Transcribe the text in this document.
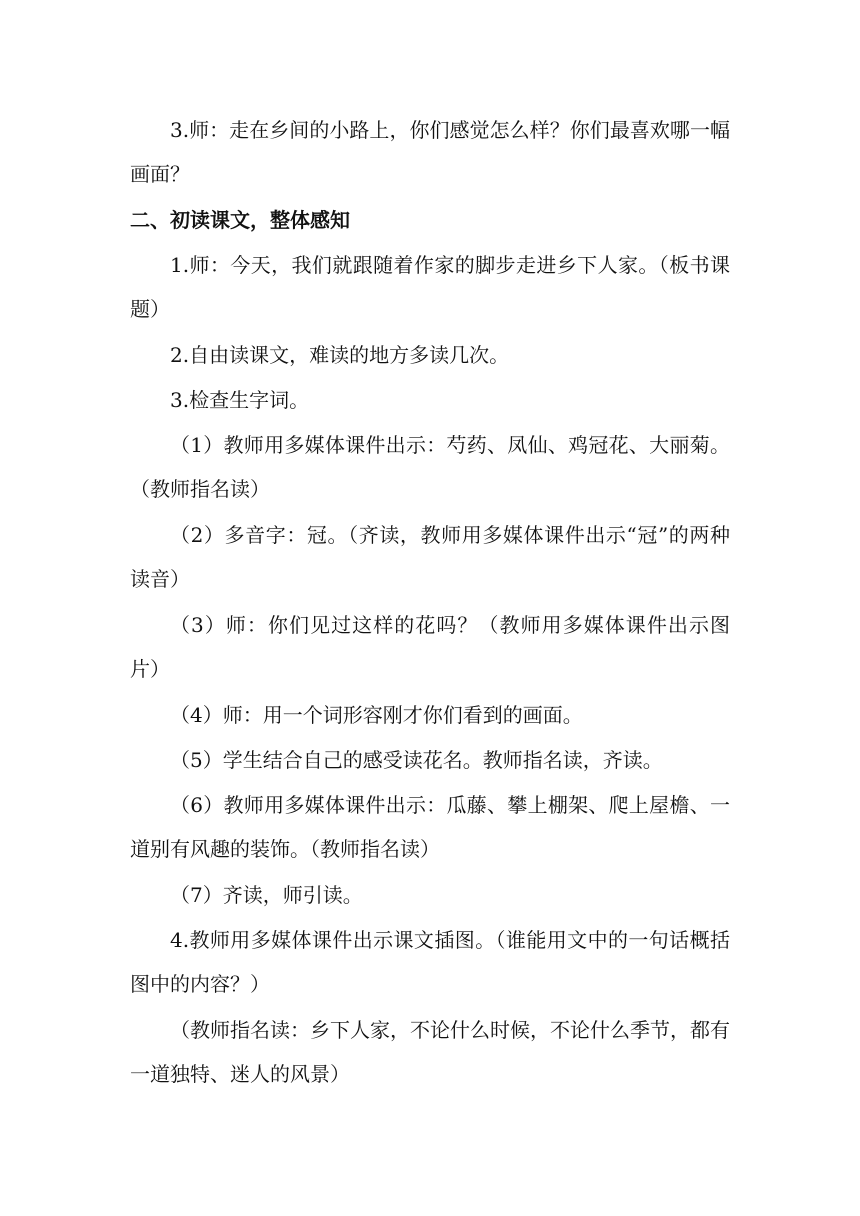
3.师：走在乡间的小路上，你们感觉怎么样？你们最喜欢哪一幅画面？

二、初读课文，整体感知

1.师：今天，我们就跟随着作家的脚步走进乡下人家。（板书课题）

2.自由读课文，难读的地方多读几次。

3.检查生字词。

（1）教师用多媒体课件出示：芍药、凤仙、鸡冠花、大丽菊。（教师指名读）

（2）多音字：冠。（齐读，教师用多媒体课件出示“冠”的两种读音）

（3）师：你们见过这样的花吗？（教师用多媒体课件出示图片）

（4）师：用一个词形容刚才你们看到的画面。

（5）学生结合自己的感受读花名。教师指名读，齐读。

（6）教师用多媒体课件出示：瓜藤、攀上棚架、爬上屋檐、一道别有风趣的装饰。（教师指名读）

（7）齐读，师引读。

4.教师用多媒体课件出示课文插图。（谁能用文中的一句话概括图中的内容？）

（教师指名读：乡下人家，不论什么时候，不论什么季节，都有一道独特、迷人的风景）
